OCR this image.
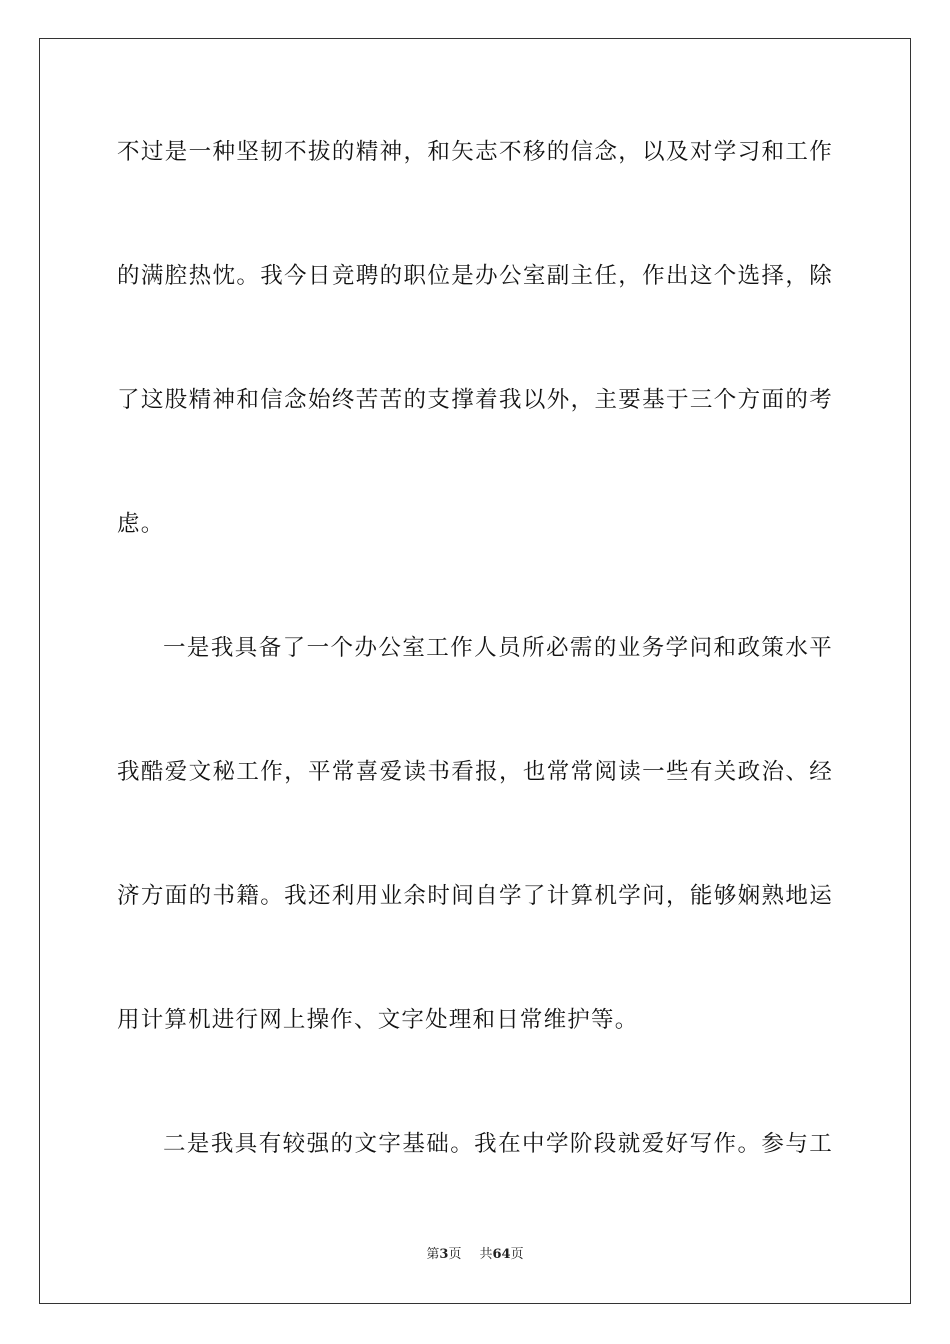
不过是一种坚韧不拔的精神，和矢志不移的信念，以及对学习和工作
的满腔热忱。我今日竞聘的职位是办公室副主任，作出这个选择，除
了这股精神和信念始终苦苦的支撑着我以外，主要基于三个方面的考
虑。
一是我具备了一个办公室工作人员所必需的业务学问和政策水平
我酷爱文秘工作，平常喜爱读书看报，也常常阅读一些有关政治、经
济方面的书籍。我还利用业余时间自学了计算机学问，能够娴熟地运
用计算机进行网上操作、文字处理和日常维护等。
二是我具有较强的文字基础。我在中学阶段就爱好写作。参与工
第3页 共64页
